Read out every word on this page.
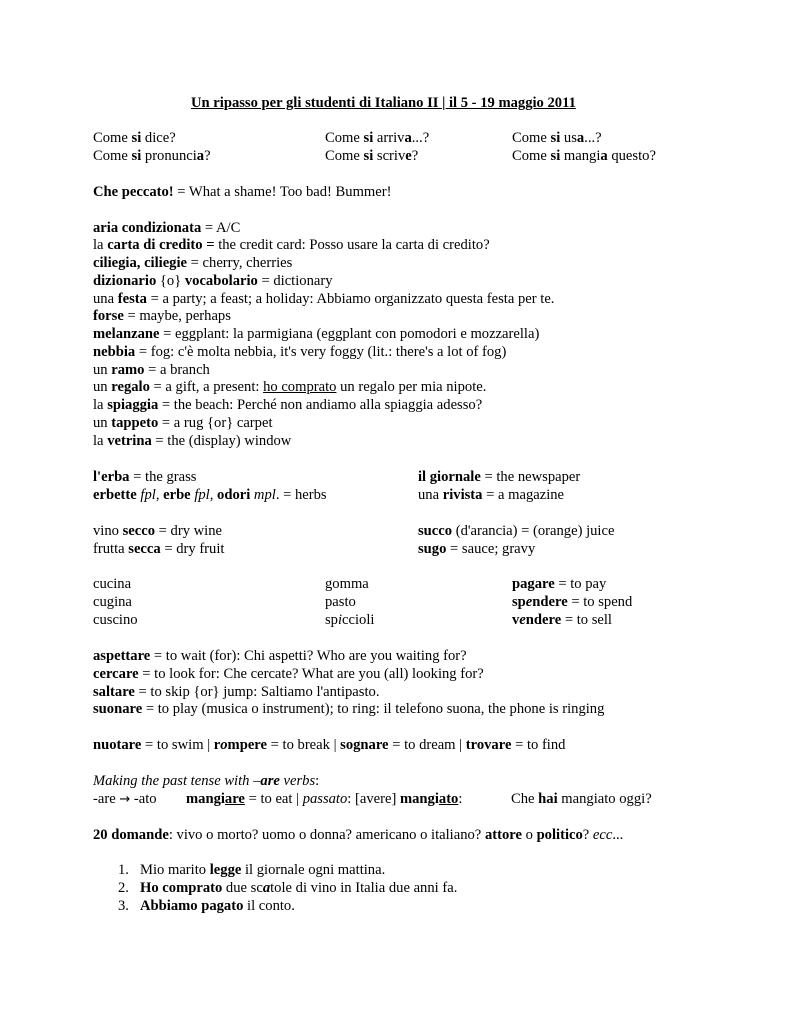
Un ripasso per gli studenti di Italiano II | il 5 - 19 maggio 2011
Come si dice?
Come si pronuncia?
Come si arriva...?
Come si scrive?
Come si usa...?
Come si mangia questo?
Che peccato! = What a shame! Too bad! Bummer!
aria condizionata = A/C
la carta di credito = the credit card: Posso usare la carta di credito?
ciliegia, ciliegie = cherry, cherries
dizionario {o} vocabolario = dictionary
una festa = a party; a feast; a holiday: Abbiamo organizzato questa festa per te.
forse = maybe, perhaps
melanzane = eggplant: la parmigiana (eggplant con pomodori e mozzarella)
nebbia = fog: c'è molta nebbia, it's very foggy (lit.: there's a lot of fog)
un ramo = a branch
un regalo = a gift, a present: ho comprato un regalo per mia nipote.
la spiaggia = the beach: Perché non andiamo alla spiaggia adesso?
un tappeto = a rug {or} carpet
la vetrina = the (display) window
l'erba = the grass
erbette fpl, erbe fpl, odori mpl. = herbs
il giornale = the newspaper
una rivista = a magazine
vino secco = dry wine
frutta secca = dry fruit
succo (d'arancia) = (orange) juice
sugo = sauce; gravy
cucina
cugina
cuscino
gomma
pasto
spiccioli
pagare = to pay
spendere = to spend
vendere = to sell
aspettare = to wait (for): Chi aspetti? Who are you waiting for?
cercare = to look for: Che cercate? What are you (all) looking for?
saltare = to skip {or} jump: Saltiamo l'antipasto.
suonare = to play (musica o instrument); to ring: il telefono suona, the phone is ringing
nuotare = to swim | rompere = to break | sognare = to dream | trovare = to find
Making the past tense with –are verbs:
-are → -ato mangiare = to eat | passato: [avere] mangiato:	Che hai mangiato oggi?
20 domande: vivo o morto? uomo o donna? americano o italiano? attore o politico? ecc...
1. Mio marito legge il giornale ogni mattina.
2. Ho comprato due scatole di vino in Italia due anni fa.
3. Abbiamo pagato il conto.
